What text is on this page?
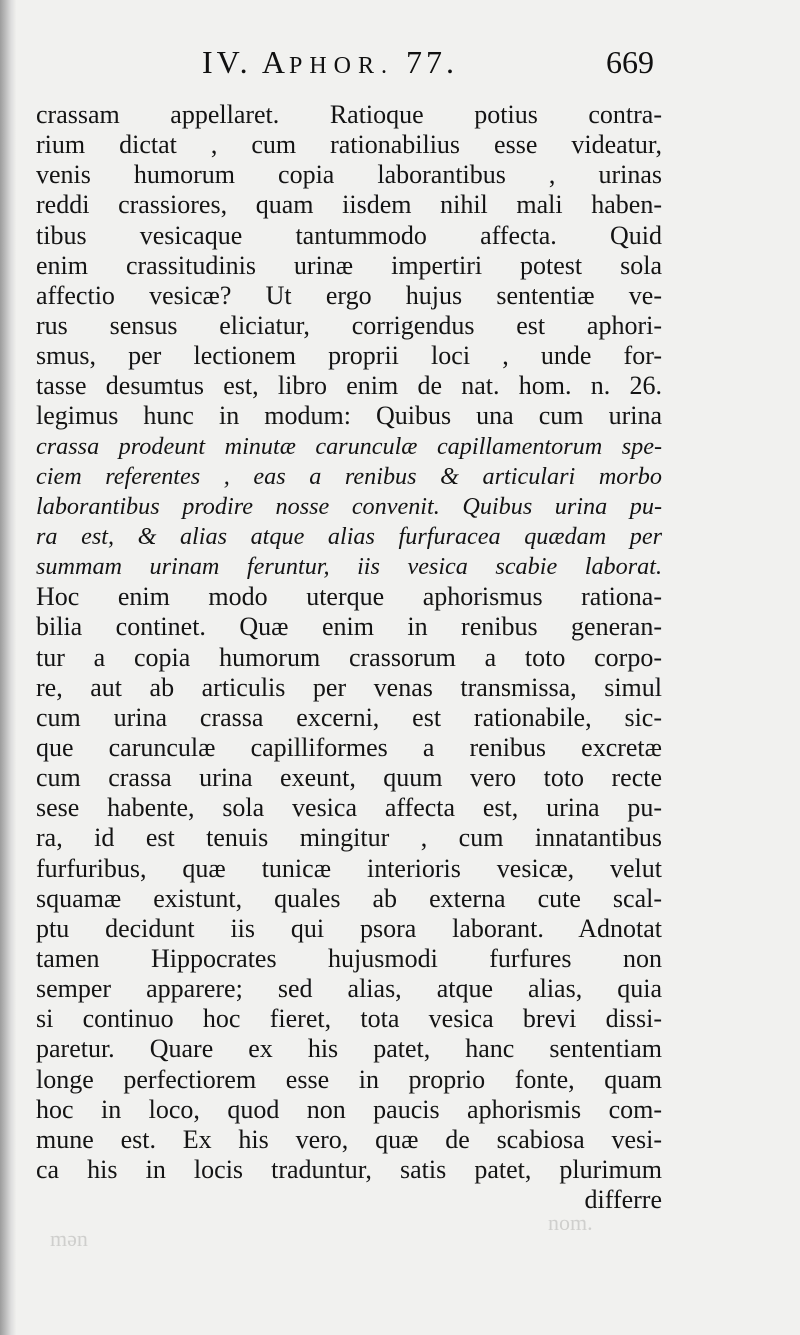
IV. APHOR. 77.	669
crassam appellaret. Ratioque potius contra-
rium dictat , cum rationabilius esse videatur,
venis humorum copia laborantibus , urinas
reddi crassiores, quam iisdem nihil mali haben-
tibus vesicaque tantummodo affecta. Quid
enim crassitudinis urinæ impertiri potest sola
affectio vesicæ? Ut ergo hujus sententiæ ve-
rus sensus eliciatur, corrigendus est aphori-
smus, per lectionem proprii loci , unde for-
tasse desumtus est, libro enim de nat. hom. n. 26.
legimus hunc in modum: Quibus una cum urina
crassa prodeunt minutæ carunculæ capillamentorum spe-
ciem referentes , eas a renibus & articulari morbo
laborantibus prodire nosse convenit. Quibus urina pu-
ra est, & alias atque alias furfuracea quædam per
summam urinam feruntur, iis vesica scabie laborat.
Hoc enim modo uterque aphorismus rationa-
bilia continet. Quæ enim in renibus generan-
tur a copia humorum crassorum a toto corpo-
re, aut ab articulis per venas transmissa, simul
cum urina crassa excerni, est rationabile, sic-
que carunculæ capilliformes a renibus excretæ
cum crassa urina exeunt, quum vero toto recte
sese habente, sola vesica affecta est, urina pu-
ra, id est tenuis mingitur , cum innatantibus
furfuribus, quæ tunicæ interioris vesicæ, velut
squamæ existunt, quales ab externa cute scal-
ptu decidunt iis qui psora laborant. Adnotat
tamen Hippocrates hujusmodi furfures non
semper apparere; sed alias, atque alias, quia
si continuo hoc fieret, tota vesica brevi dissi-
paretur. Quare ex his patet, hanc sententiam
longe perfectiorem esse in proprio fonte, quam
hoc in loco, quod non paucis aphorismis com-
mune est. Ex his vero, quæ de scabiosa vesi-
ca his in locis traduntur, satis patet, plurimum
differre
mən
nom.
